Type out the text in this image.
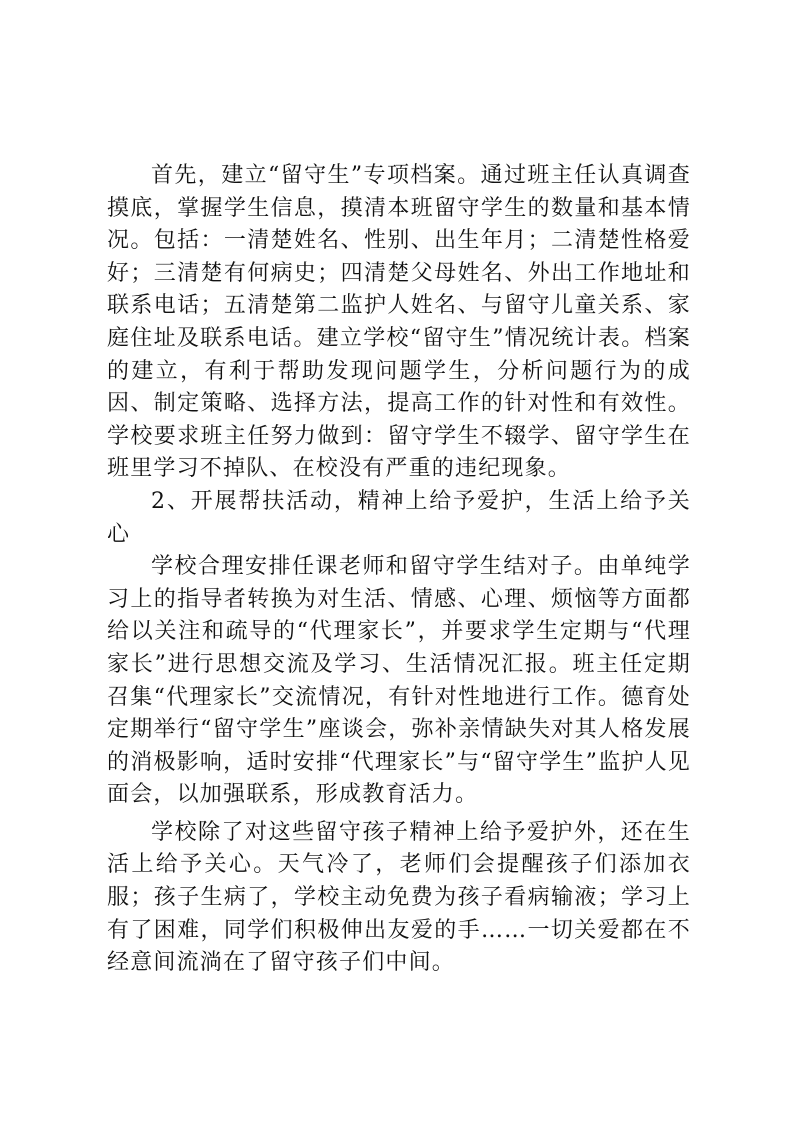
首先，建立“留守生”专项档案。通过班主任认真调查摸底，掌握学生信息，摸清本班留守学生的数量和基本情况。包括：一清楚姓名、性别、出生年月；二清楚性格爱好；三清楚有何病史；四清楚父母姓名、外出工作地址和联系电话；五清楚第二监护人姓名、与留守儿童关系、家庭住址及联系电话。建立学校“留守生”情况统计表。档案的建立，有利于帮助发现问题学生，分析问题行为的成因、制定策略、选择方法，提高工作的针对性和有效性。学校要求班主任努力做到：留守学生不辍学、留守学生在班里学习不掉队、在校没有严重的违纪现象。

2、开展帮扶活动，精神上给予爱护，生活上给予关心

学校合理安排任课老师和留守学生结对子。由单纯学习上的指导者转换为对生活、情感、心理、烦恼等方面都给以关注和疏导的“代理家长”，并要求学生定期与“代理家长”进行思想交流及学习、生活情况汇报。班主任定期召集“代理家长”交流情况，有针对性地进行工作。德育处定期举行“留守学生”座谈会，弥补亲情缺失对其人格发展的消极影响，适时安排“代理家长”与“留守学生”监护人见面会，以加强联系，形成教育活力。

学校除了对这些留守孩子精神上给予爱护外，还在生活上给予关心。天气冷了，老师们会提醒孩子们添加衣服；孩子生病了，学校主动免费为孩子看病输液；学习上有了困难，同学们积极伸出友爱的手……一切关爱都在不经意间流淌在了留守孩子们中间。
